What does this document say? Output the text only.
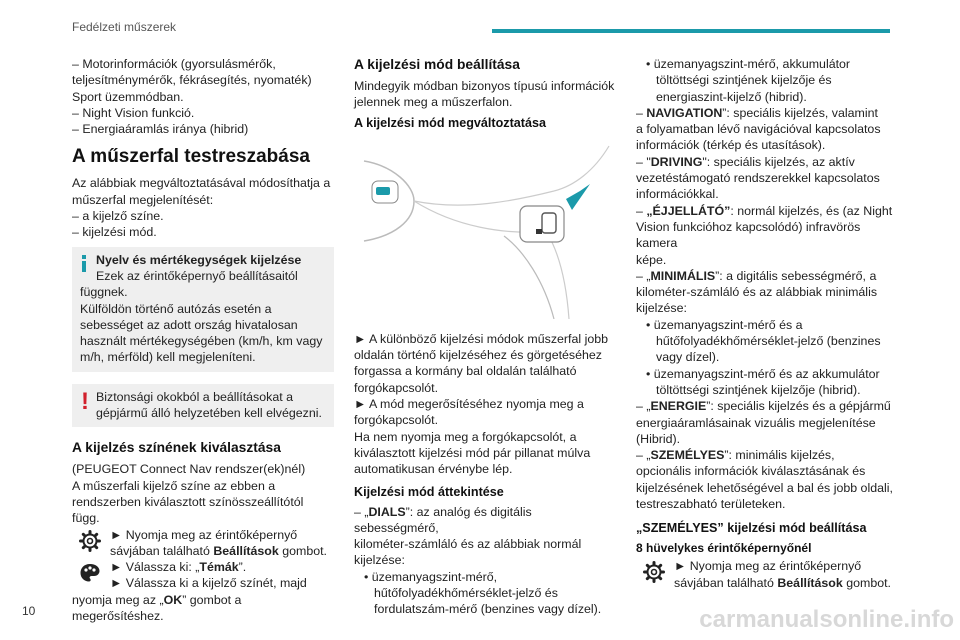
Fedélzeti műszerek

– Motorinformációk (gyorsulásmérők,

teljesítménymérők, fékrásegítés, nyomaték)

Sport üzemmódban.

– Night Vision funkció.

– Energiaáramlás iránya (hibrid)

A műszerfal testreszabása

Az alábbiak megváltoztatásával módosíthatja a

műszerfal megjelenítését:

– a kijelző színe.

– kijelzési mód.

Nyelv és mértékegységek kijelzése

Ezek az érintőképernyő beállításaitól

függnek.

Külföldön történő autózás esetén a

sebességet az adott ország hivatalosan

használt mértékegységében (km/h, km vagy

m/h, mérföld) kell megjeleníteni.

! Biztonsági okokból a beállításokat a

gépjármű álló helyzetében kell elvégezni.

A kijelzés színének kiválasztása

(PEUGEOT Connect Nav rendszer(ek)nél)

A műszerfali kijelző színe az ebben a

rendszerben kiválasztott színösszeállítótól függ.

► Nyomja meg az érintőképernyő

sávjában található Beállítások gombot.

► Válassza ki: „Témák”.

► Válassza ki a kijelző színét, majd

nyomja meg az „OK” gombot a megerősítéshez.

A kijelzési mód beállítása

Mindegyik módban bizonyos típusú információk

jelennek meg a műszerfalon.

A kijelzési mód megváltoztatása

► A különböző kijelzési módok műszerfal jobb

oldalán történő kijelzéséhez és görgetéséhez

forgassa a kormány bal oldalán található

forgókapcsolót.

► A mód megerősítéséhez nyomja meg a

forgókapcsolót.

Ha nem nyomja meg a forgókapcsolót, a

kiválasztott kijelzési mód pár pillanat múlva

automatikusan érvénybe lép.

Kijelzési mód áttekintése

– „DIALS”: az analóg és digitális sebességmérő,

kilométer-számláló és az alábbiak normál kijelzése:

• üzemanyagszint-mérő,

hűtőfolyadékhőmérséklet-jelző és

fordulatszám-mérő (benzines vagy dízel).

• üzemanyagszint-mérő, akkumulátor

töltöttségi szintjének kijelzője és

energiaszint-kijelző (hibrid).

– NAVIGATION”: speciális kijelzés, valamint

a folyamatban lévő navigációval kapcsolatos

információk (térkép és utasítások).

– "DRIVING": speciális kijelzés, az aktív

vezetéstámogató rendszerekkel kapcsolatos

információkkal.

– „ÉJJELLÁTÓ”: normál kijelzés, és (az Night

Vision funkcióhoz kapcsolódó) infravörös kamera

képe.

– „MINIMÁLIS”: a digitális sebességmérő, a

kilométer-számláló és az alábbiak minimális

kijelzése:

• üzemanyagszint-mérő és a

hűtőfolyadékhőmérséklet-jelző (benzines

vagy dízel).

• üzemanyagszint-mérő és az akkumulátor

töltöttségi szintjének kijelzője (hibrid).

– „ENERGIE”: speciális kijelzés és a gépjármű

energiaáramlásainak vizuális megjelenítése

(Hibrid).

– „SZEMÉLYES”: minimális kijelzés,

opcionális információk kiválasztásának és

kijelzésének lehetőségével a bal és jobb oldali,

testreszabható területeken.

„SZEMÉLYES” kijelzési mód beállítása
8 hüvelykes érintőképernyőnél

► Nyomja meg az érintőképernyő

sávjában található Beállítások gombot.

10	carmanualsonline.info
